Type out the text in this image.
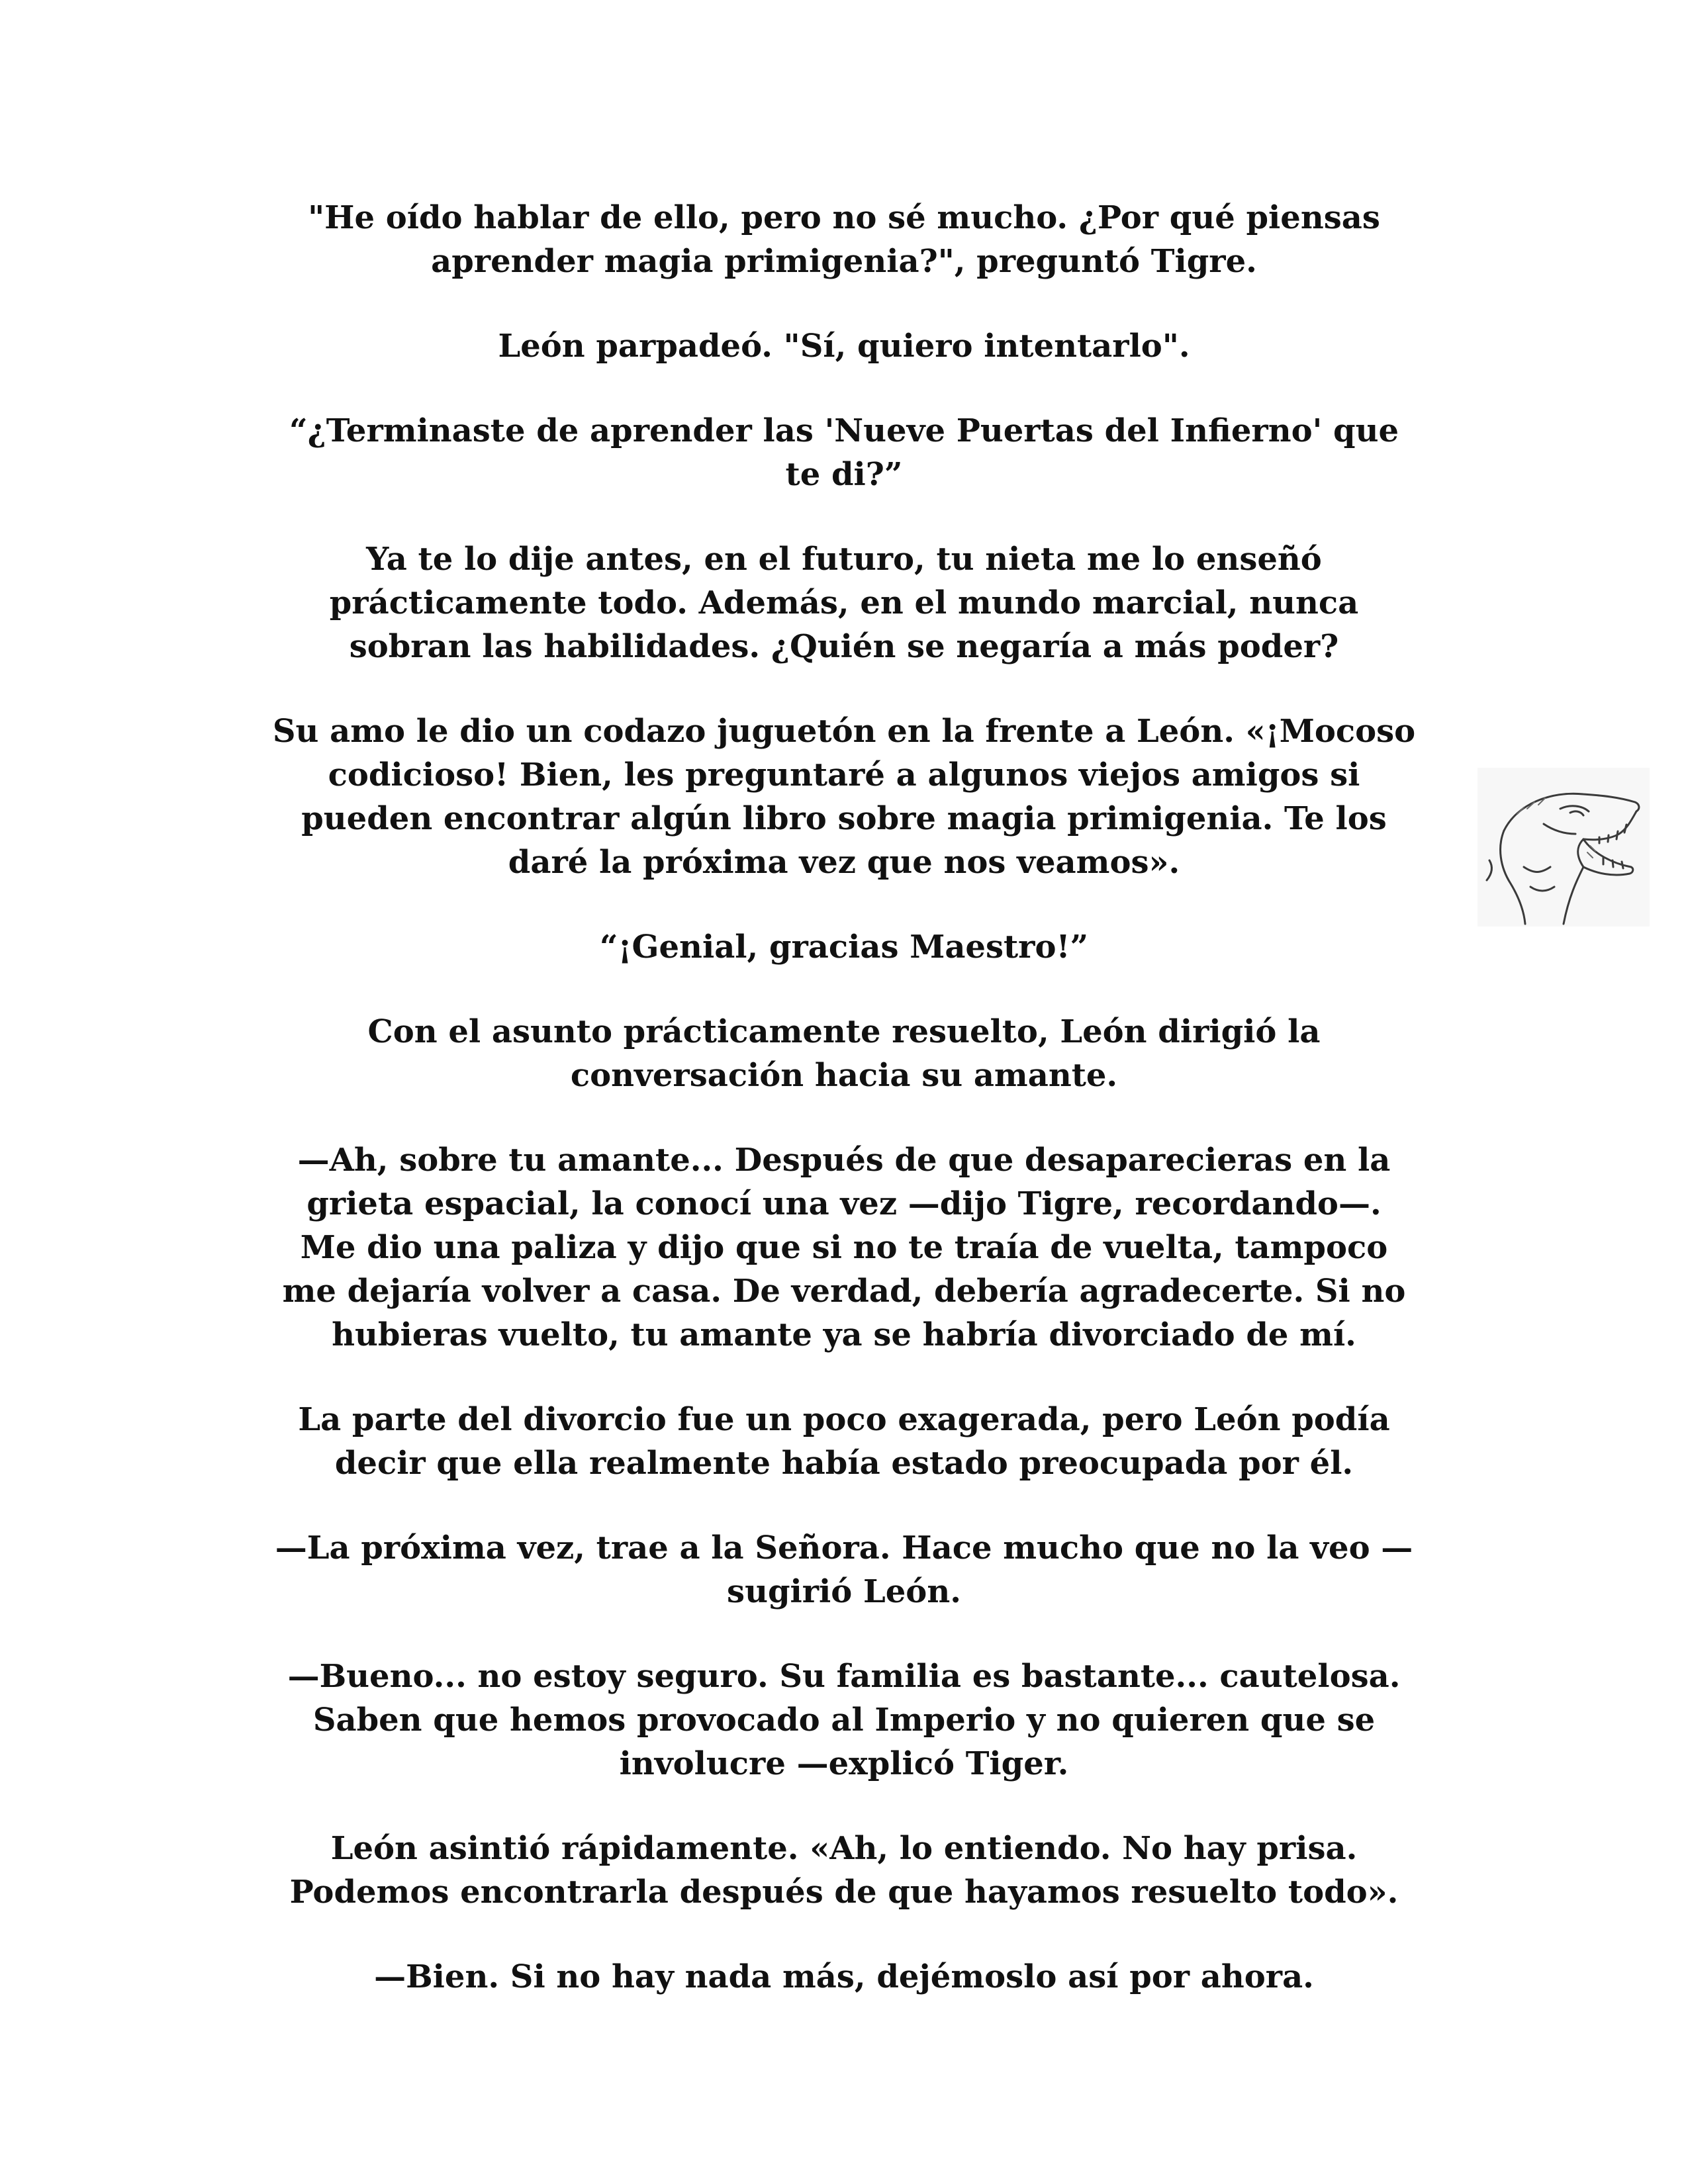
"He oído hablar de ello, pero no sé mucho. ¿Por qué piensas
aprender magia primigenia?", preguntó Tigre.

León parpadeó. "Sí, quiero intentarlo".

“¿Terminaste de aprender las 'Nueve Puertas del Infierno' que
te di?”

Ya te lo dije antes, en el futuro, tu nieta me lo enseñó
prácticamente todo. Además, en el mundo marcial, nunca
sobran las habilidades. ¿Quién se negaría a más poder?

Su amo le dio un codazo juguetón en la frente a León. «¡Mocoso
codicioso! Bien, les preguntaré a algunos viejos amigos si
pueden encontrar algún libro sobre magia primigenia. Te los
daré la próxima vez que nos veamos».

“¡Genial, gracias Maestro!”

Con el asunto prácticamente resuelto, León dirigió la
conversación hacia su amante.

—Ah, sobre tu amante... Después de que desaparecieras en la
grieta espacial, la conocí una vez —dijo Tigre, recordando—.
Me dio una paliza y dijo que si no te traía de vuelta, tampoco
me dejaría volver a casa. De verdad, debería agradecerte. Si no
hubieras vuelto, tu amante ya se habría divorciado de mí.

La parte del divorcio fue un poco exagerada, pero León podía
decir que ella realmente había estado preocupada por él.

—La próxima vez, trae a la Señora. Hace mucho que no la veo —
sugirió León.

—Bueno... no estoy seguro. Su familia es bastante... cautelosa.
Saben que hemos provocado al Imperio y no quieren que se
involucre —explicó Tiger.

León asintió rápidamente. «Ah, lo entiendo. No hay prisa.
Podemos encontrarla después de que hayamos resuelto todo».

—Bien. Si no hay nada más, dejémoslo así por ahora.
